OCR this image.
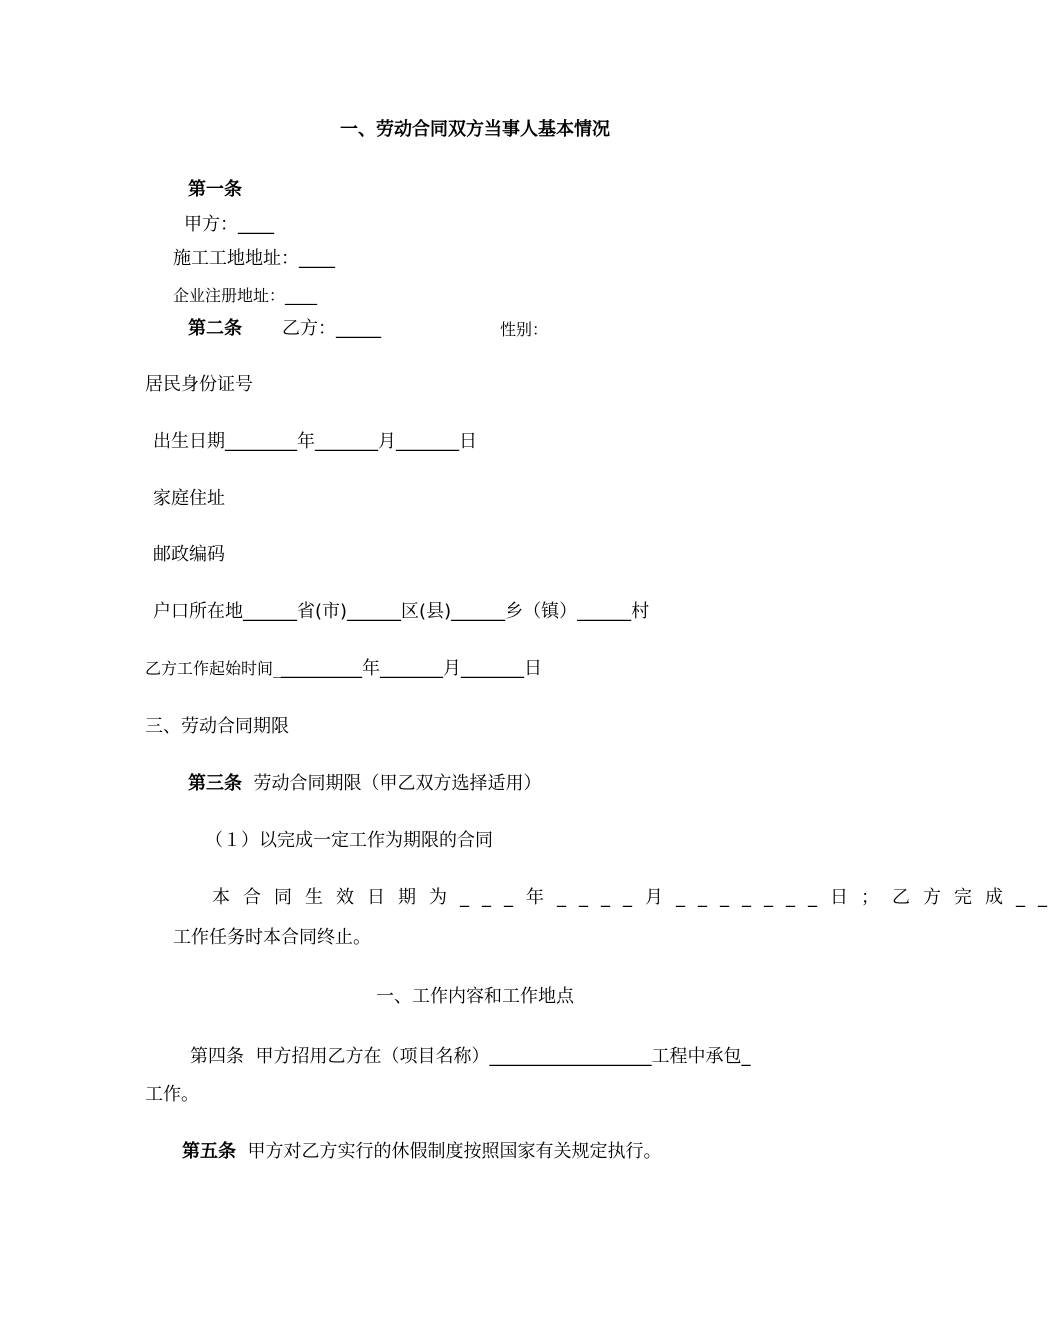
一、劳动合同双方当事人基本情况
第一条
甲方：____
施工工地地址：____
企业注册地址：____
第二条 乙方：_____	性别：
居民身份证号
出生日期________年_______月_______日
家庭住址
邮政编码
户口所在地______省(市)______区(县)______乡（镇）______村
乙方工作起始时间__________年_______月_______日
三、劳动合同期限
第三条 劳动合同期限（甲乙双方选择适用）
（１）以完成一定工作为期限的合同
本合同生效日期为___年____月_______日；乙方完成__
工作任务时本合同终止。
一、工作内容和工作地点
第四条  甲方招用乙方在（项目名称）__________________工程中承包_
工作。
第五条 甲方对乙方实行的休假制度按照国家有关规定执行。
